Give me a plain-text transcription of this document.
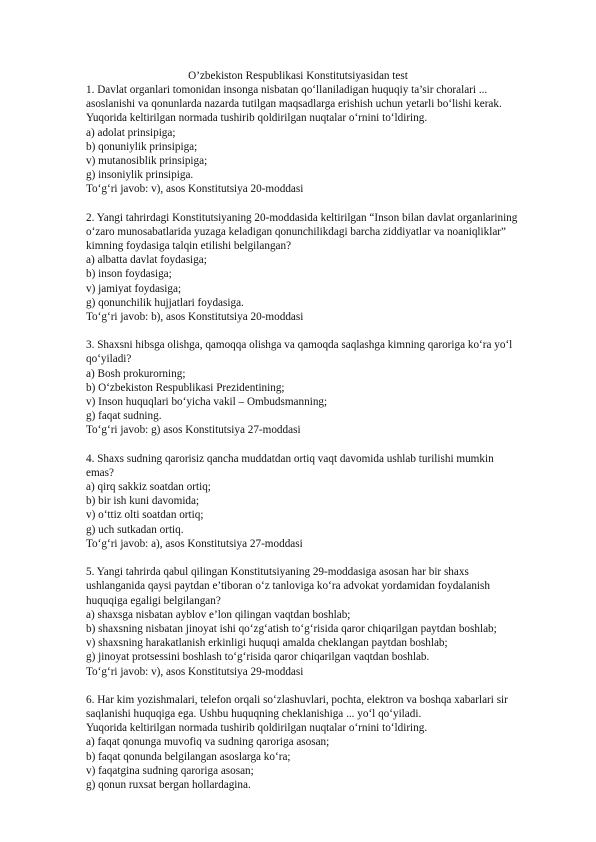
O’zbekiston Respublikasi Konstitutsiyasidan test
1. Davlat organlari tomonidan insonga nisbatan qo‘llaniladigan huquqiy ta’sir choralari ...
asoslanishi va qonunlarda nazarda tutilgan maqsadlarga erishish uchun yetarli bo‘lishi kerak.
Yuqorida keltirilgan normada tushirib qoldirilgan nuqtalar o‘rnini to‘ldiring.
a) adolat prinsipiga;
b) qonuniylik prinsipiga;
v) mutanosiblik prinsipiga;
g) insoniylik prinsipiga.
To‘g‘ri javob: v), asos Konstitutsiya 20-moddasi
2. Yangi tahrirdagi Konstitutsiyaning 20-moddasida keltirilgan “Inson bilan davlat organlarining
o‘zaro munosabatlarida yuzaga keladigan qonunchilikdagi barcha ziddiyatlar va noaniqliklar”
kimning foydasiga talqin etilishi belgilangan?
a) albatta davlat foydasiga;
b) inson foydasiga;
v) jamiyat foydasiga;
g) qonunchilik hujjatlari foydasiga.
To‘g‘ri javob: b), asos Konstitutsiya 20-moddasi
3. Shaxsni hibsga olishga, qamoqqa olishga va qamoqda saqlashga kimning qaroriga ko‘ra yo‘l
qo‘yiladi?
a) Bosh prokurorning;
b) O‘zbekiston Respublikasi Prezidentining;
v) Inson huquqlari bo‘yicha vakil – Ombudsmanning;
g) faqat sudning.
To‘g‘ri javob: g) asos Konstitutsiya 27-moddasi
4. Shaxs sudning qarorisiz qancha muddatdan ortiq vaqt davomida ushlab turilishi mumkin
emas?
a) qirq sakkiz soatdan ortiq;
b) bir ish kuni davomida;
v) o‘ttiz olti soatdan ortiq;
g) uch sutkadan ortiq.
To‘g‘ri javob: a), asos Konstitutsiya 27-moddasi
5. Yangi tahrirda qabul qilingan Konstitutsiyaning 29-moddasiga asosan har bir shaxs
ushlanganida qaysi paytdan e’tiboran o‘z tanloviga ko‘ra advokat yordamidan foydalanish
huquqiga egaligi belgilangan?
a) shaxsga nisbatan ayblov e’lon qilingan vaqtdan boshlab;
b) shaxsning nisbatan jinoyat ishi qo‘zg‘atish to‘g‘risida qaror chiqarilgan paytdan boshlab;
v) shaxsning harakatlanish erkinligi huquqi amalda cheklangan paytdan boshlab;
g) jinoyat protsessini boshlash to‘g‘risida qaror chiqarilgan vaqtdan boshlab.
To‘g‘ri javob: v), asos Konstitutsiya 29-moddasi
6. Har kim yozishmalari, telefon orqali so‘zlashuvlari, pochta, elektron va boshqa xabarlari sir
saqlanishi huquqiga ega. Ushbu huquqning cheklanishiga ... yo‘l qo‘yiladi.
Yuqorida keltirilgan normada tushirib qoldirilgan nuqtalar o‘rnini to‘ldiring.
a) faqat qonunga muvofiq va sudning qaroriga asosan;
b) faqat qonunda belgilangan asoslarga ko‘ra;
v) faqatgina sudning qaroriga asosan;
g) qonun ruxsat bergan hollardagina.
